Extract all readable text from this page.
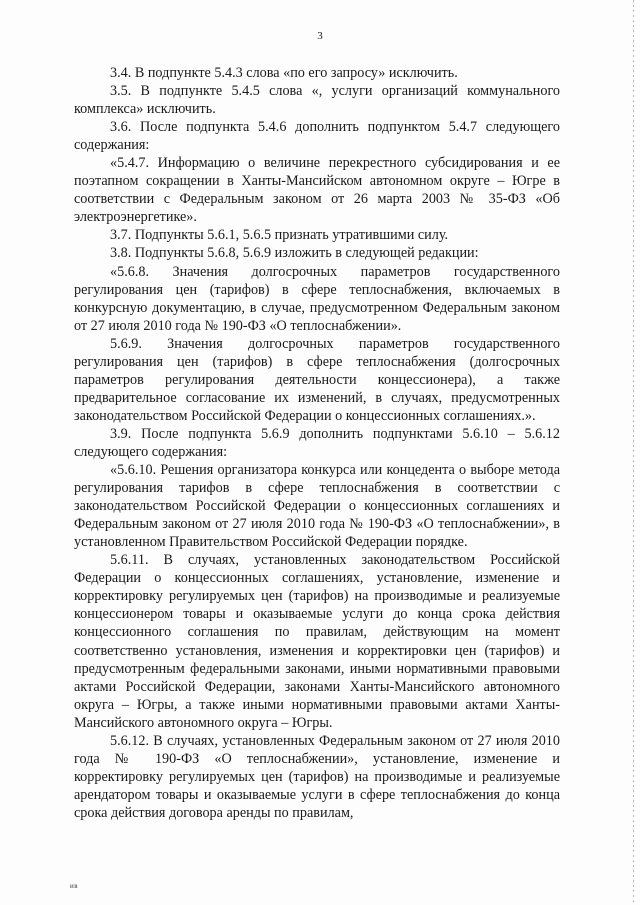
3

3.4. В подпункте 5.4.3 слова «по его запросу» исключить.

3.5. В подпункте 5.4.5 слова «, услуги организаций коммунального комплекса» исключить.

3.6. После подпункта 5.4.6 дополнить подпунктом 5.4.7 следующего содержания:

«5.4.7. Информацию о величине перекрестного субсидирования и ее поэтапном сокращении в Ханты-Мансийском автономном округе – Югре в соответствии с Федеральным законом от 26 марта 2003 № 35-ФЗ «Об электроэнергетике».

3.7. Подпункты 5.6.1, 5.6.5 признать утратившими силу.

3.8. Подпункты 5.6.8, 5.6.9 изложить в следующей редакции:

«5.6.8. Значения долгосрочных параметров государственного регулирования цен (тарифов) в сфере теплоснабжения, включаемых в конкурсную документацию, в случае, предусмотренном Федеральным законом от 27 июля 2010 года № 190-ФЗ «О теплоснабжении».

5.6.9. Значения долгосрочных параметров государственного регулирования цен (тарифов) в сфере теплоснабжения (долгосрочных параметров регулирования деятельности концессионера), а также предварительное согласование их изменений, в случаях, предусмотренных законодательством Российской Федерации о концессионных соглашениях.».

3.9. После подпункта 5.6.9 дополнить подпунктами 5.6.10 – 5.6.12 следующего содержания:

«5.6.10. Решения организатора конкурса или концедента о выборе метода регулирования тарифов в сфере теплоснабжения в соответствии с законодательством Российской Федерации о концессионных соглашениях и Федеральным законом от 27 июля 2010 года № 190-ФЗ «О теплоснабжении», в установленном Правительством Российской Федерации порядке.

5.6.11. В случаях, установленных законодательством Российской Федерации о концессионных соглашениях, установление, изменение и корректировку регулируемых цен (тарифов) на производимые и реализуемые концессионером товары и оказываемые услуги до конца срока действия концессионного соглашения по правилам, действующим на момент соответственно установления, изменения и корректировки цен (тарифов) и предусмотренным федеральными законами, иными нормативными правовыми актами Российской Федерации, законами Ханты-Мансийского автономного округа – Югры, а также иными нормативными правовыми актами Ханты-Мансийского автономного округа – Югры.

5.6.12. В случаях, установленных Федеральным законом от 27 июля 2010 года № 190-ФЗ «О теплоснабжении», установление, изменение и корректировку регулируемых цен (тарифов) на производимые и реализуемые арендатором товары и оказываемые услуги в сфере теплоснабжения до конца срока действия договора аренды по правилам,

ив
